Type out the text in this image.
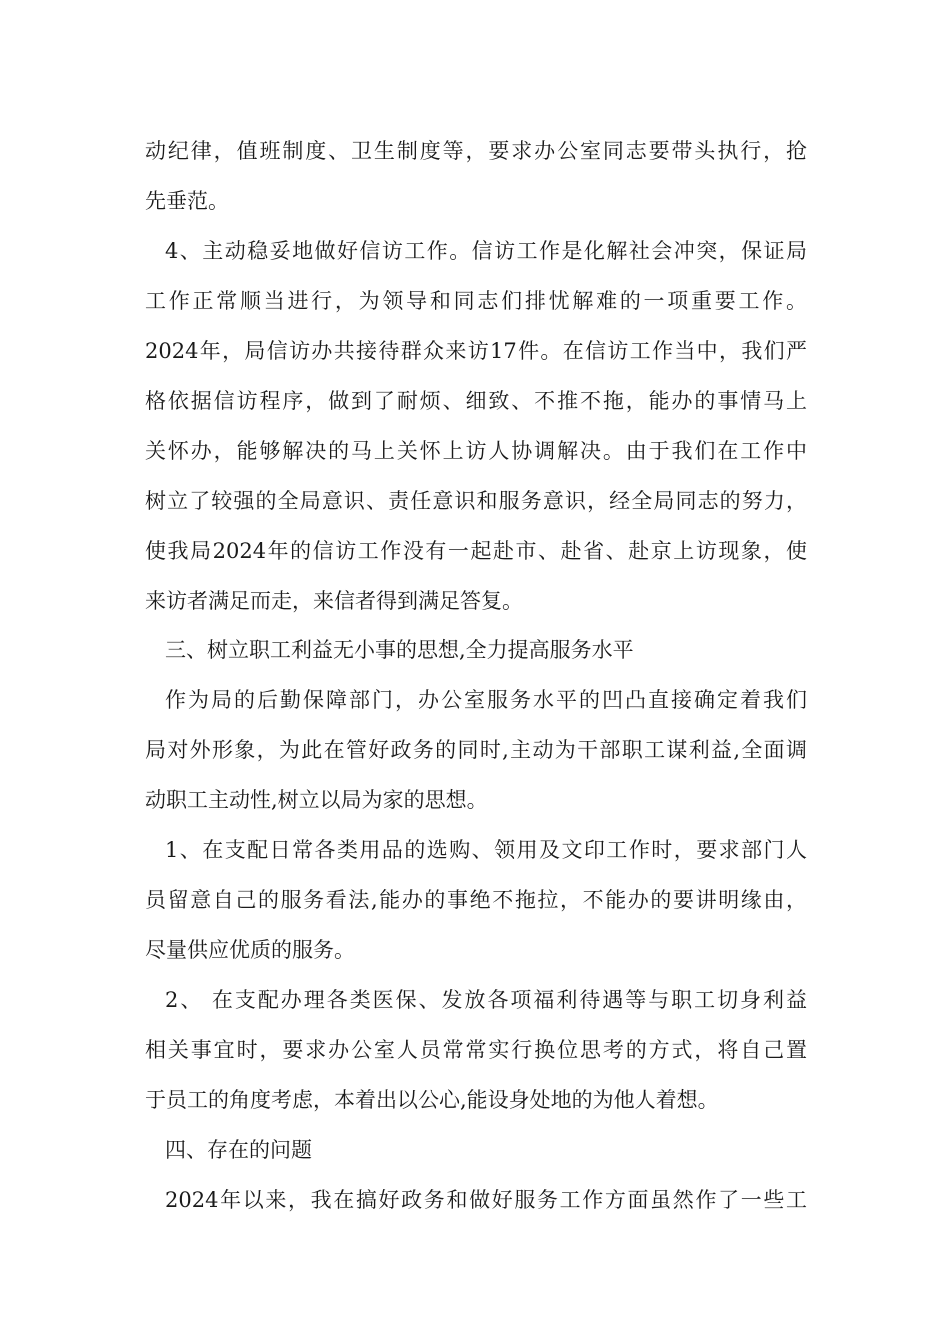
动纪律，值班制度、卫生制度等，要求办公室同志要带头执行，抢

先垂范。

4、主动稳妥地做好信访工作。信访工作是化解社会冲突，保证局

工作正常顺当进行，为领导和同志们排忧解难的一项重要工作。

2024年，局信访办共接待群众来访17件。在信访工作当中，我们严

格依据信访程序，做到了耐烦、细致、不推不拖，能办的事情马上

关怀办，能够解决的马上关怀上访人协调解决。由于我们在工作中

树立了较强的全局意识、责任意识和服务意识，经全局同志的努力，

使我局2024年的信访工作没有一起赴市、赴省、赴京上访现象，使

来访者满足而走，来信者得到满足答复。

三、树立职工利益无小事的思想,全力提高服务水平

作为局的后勤保障部门，办公室服务水平的凹凸直接确定着我们

局对外形象，为此在管好政务的同时,主动为干部职工谋利益,全面调

动职工主动性,树立以局为家的思想。

1、在支配日常各类用品的选购、领用及文印工作时，要求部门人

员留意自己的服务看法,能办的事绝不拖拉，不能办的要讲明缘由，

尽量供应优质的服务。

2、 在支配办理各类医保、发放各项福利待遇等与职工切身利益

相关事宜时，要求办公室人员常常实行换位思考的方式，将自己置

于员工的角度考虑，本着出以公心,能设身处地的为他人着想。

四、存在的问题

2024年以来，我在搞好政务和做好服务工作方面虽然作了一些工
